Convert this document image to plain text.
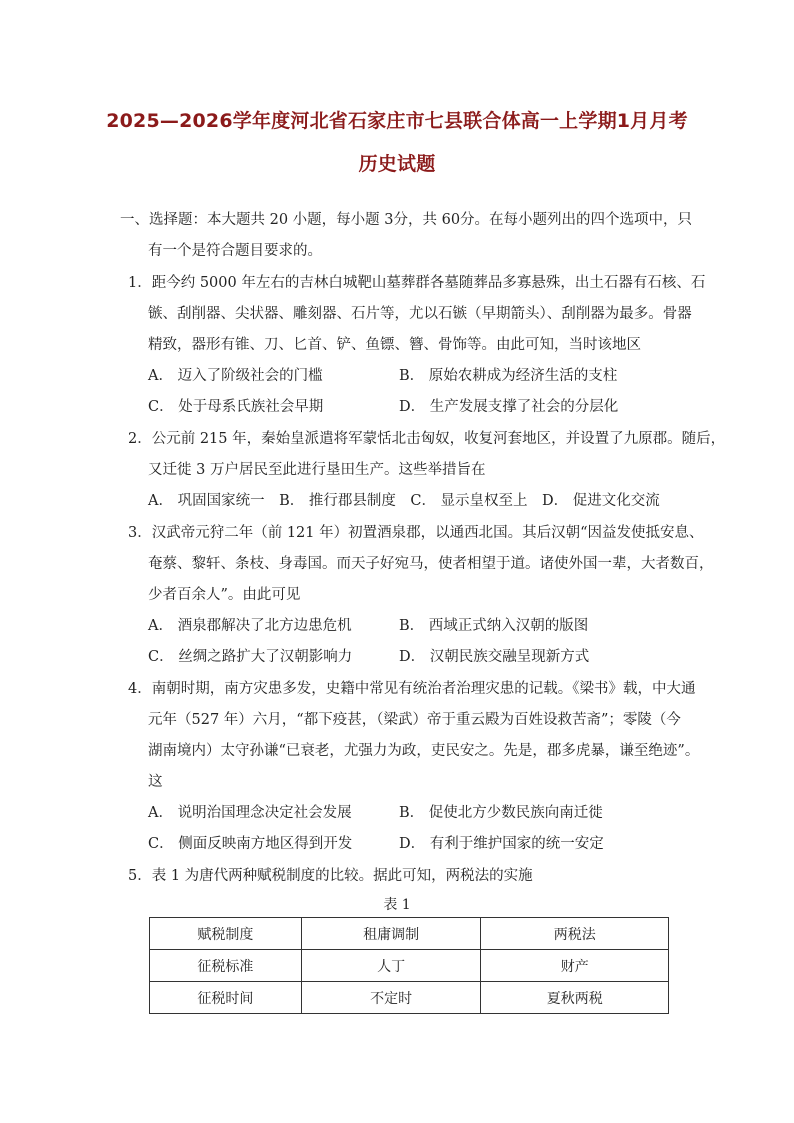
2025—2026学年度河北省石家庄市七县联合体高一上学期1月月考
历史试题
一、选择题：本大题共 20 小题，每小题 3分，共 60分。在每小题列出的四个选项中，只
有一个是符合题目要求的。
1．距今约 5000 年左右的吉林白城靶山墓葬群各墓随葬品多寡悬殊，出土石器有石核、石
镞、刮削器、尖状器、雕刻器、石片等，尤以石镞（早期箭头）、刮削器为最多。骨器
精致，器形有锥、刀、匕首、铲、鱼镖、簪、骨饰等。由此可知，当时该地区
A． 迈入了阶级社会的门槛	B． 原始农耕成为经济生活的支柱
C． 处于母系氏族社会早期	D． 生产发展支撑了社会的分层化
2．公元前 215 年，秦始皇派遣将军蒙恬北击匈奴，收复河套地区，并设置了九原郡。随后，
又迁徙 3 万户居民至此进行垦田生产。这些举措旨在
A． 巩固国家统一　B． 推行郡县制度　C． 显示皇权至上　D． 促进文化交流
3．汉武帝元狩二年（前 121 年）初置酒泉郡，以通西北国。其后汉朝“因益发使抵安息、
奄蔡、黎轩、条枝、身毒国。而天子好宛马，使者相望于道。诸使外国一辈，大者数百，
少者百余人”。由此可见
A． 酒泉郡解决了北方边患危机	B． 西域正式纳入汉朝的版图
C． 丝绸之路扩大了汉朝影响力	D． 汉朝民族交融呈现新方式
4．南朝时期，南方灾患多发，史籍中常见有统治者治理灾患的记载。《梁书》载，中大通
元年（527 年）六月，“都下疫甚，（梁武）帝于重云殿为百姓设救苦斋”；零陵（今
湖南境内）太守孙谦“已衰老，尤强力为政，吏民安之。先是，郡多虎暴，谦至绝迹”。
这
A． 说明治国理念决定社会发展	B． 促使北方少数民族向南迁徙
C． 侧面反映南方地区得到开发	D． 有利于维护国家的统一安定
5．表 1 为唐代两种赋税制度的比较。据此可知，两税法的实施
表 1
赋税制度	租庸调制	两税法
征税标准	人丁	财产
征税时间	不定时	夏秋两税
